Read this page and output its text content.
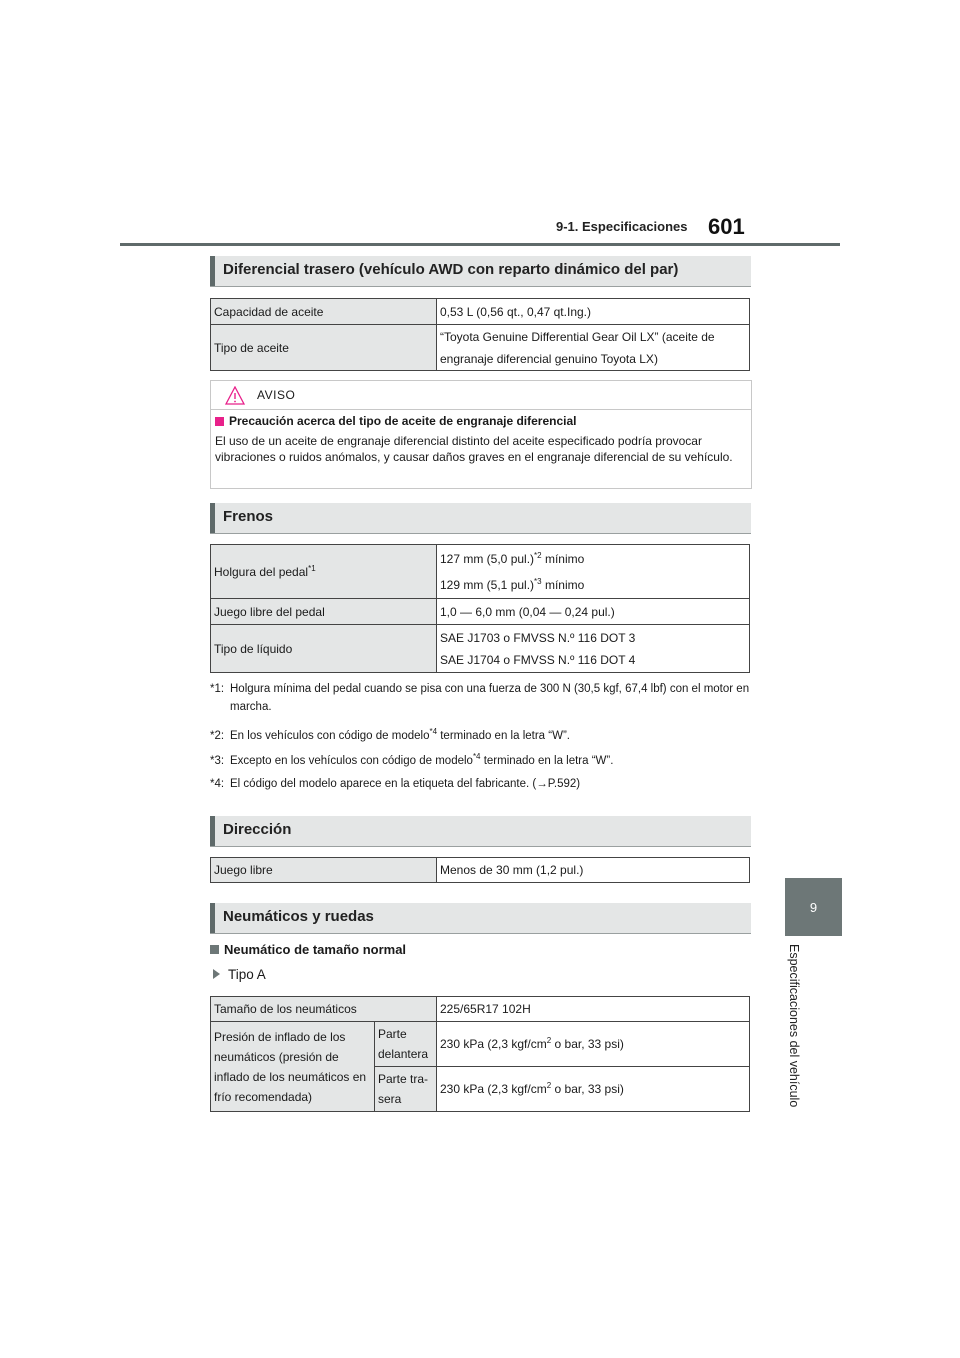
9-1. Especificaciones 601
9
Especificaciones del vehículo
Diferencial trasero (vehículo AWD con reparto dinámico del par)
Capacidad de aceite	0,53 L (0,56 qt., 0,47 qt.Ing.)
Tipo de aceite	“Toyota Genuine Differential Gear Oil LX” (aceite de
engranaje diferencial genuino Toyota LX)
AVISO
Precaución acerca del tipo de aceite de engranaje diferencial
El uso de un aceite de engranaje diferencial distinto del aceite especificado podría provocar vibraciones o ruidos anómalos, y causar daños graves en el engranaje diferencial de su vehículo.
Frenos
Holgura del pedal$^{*1}$	127 mm (5,0 pul.)$^{*2}$ mínimo
129 mm (5,1 pul.)$^{*3}$ mínimo

Juego libre del pedal	1,0 — 6,0 mm (0,04 — 0,24 pul.)
Tipo de líquido	SAE J1703 o FMVSS N.º 116 DOT 3
SAE J1704 o FMVSS N.º 116 DOT 4
*1: Holgura mínima del pedal cuando se pisa con una fuerza de 300 N (30,5 kgf, 67,4 lbf) con el motor en marcha.
*2: En los vehículos con código de modelo$^{*4}$ terminado en la letra “W”.
*3: Excepto en los vehículos con código de modelo$^{*4}$ terminado en la letra “W”.
*4: El código del modelo aparece en la etiqueta del fabricante. (→P.592)
Dirección
Juego libre	Menos de 30 mm (1,2 pul.)
Neumáticos y ruedas
Neumático de tamaño normal
Tipo A
Tamaño de los neumáticos		225/65R17 102H
Presión de inflado de los neumáticos (presión de inflado de los neumáticos en frío recomendada)	Parte delantera	230 kPa (2,3 kgf/$cm^2$ o bar, 33 psi)
	Parte tra- sera	230 kPa (2,3 kgf/$cm^2$ o bar, 33 psi)
